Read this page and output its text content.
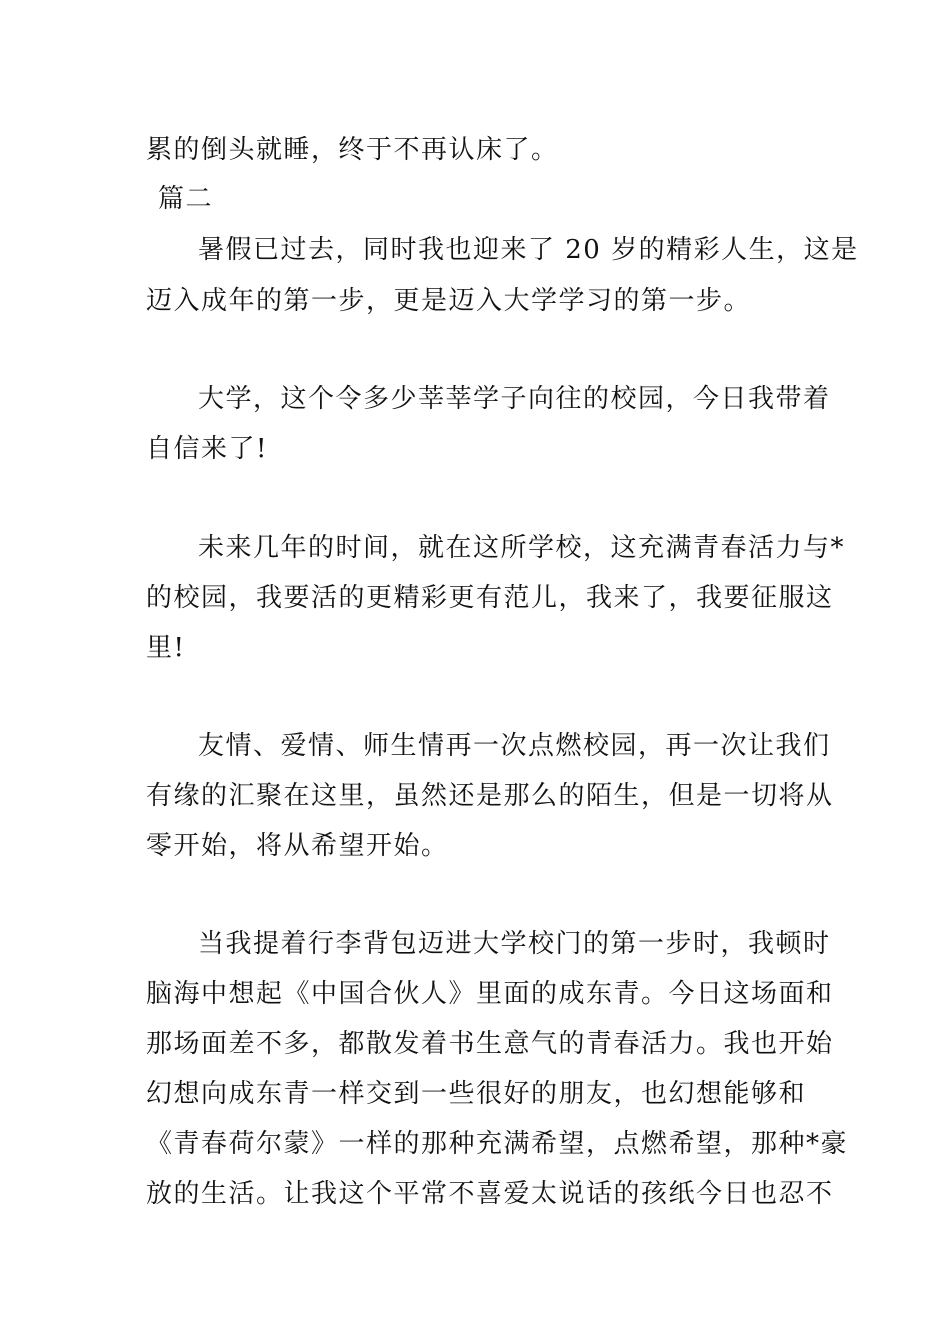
累的倒头就睡，终于不再认床了。
篇二
暑假已过去，同时我也迎来了 20 岁的精彩人生，这是
迈入成年的第一步，更是迈入大学学习的第一步。
大学，这个令多少莘莘学子向往的校园，今日我带着
自信来了!
未来几年的时间，就在这所学校，这充满青春活力与*
的校园，我要活的更精彩更有范儿，我来了，我要征服这
里!
友情、爱情、师生情再一次点燃校园，再一次让我们
有缘的汇聚在这里，虽然还是那么的陌生，但是一切将从
零开始，将从希望开始。
当我提着行李背包迈进大学校门的第一步时，我顿时
脑海中想起《中国合伙人》里面的成东青。今日这场面和
那场面差不多，都散发着书生意气的青春活力。我也开始
幻想向成东青一样交到一些很好的朋友，也幻想能够和
《青春荷尔蒙》一样的那种充满希望，点燃希望，那种*豪
放的生活。让我这个平常不喜爱太说话的孩纸今日也忍不
